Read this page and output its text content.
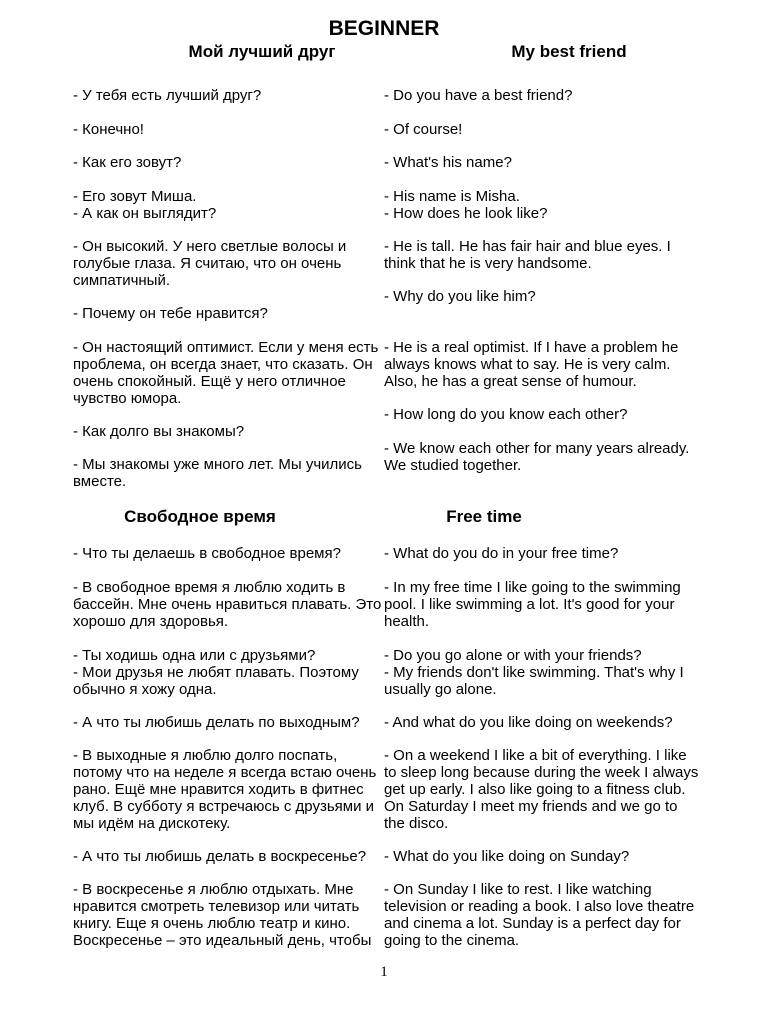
BEGINNER
Мой лучший друг	My best friend

- У тебя есть лучший друг?

- Конечно!

- Как его зовут?

- Его зовут Миша.
- А как он выглядит?

- Он высокий. У него светлые волосы и голубые глаза. Я считаю, что он очень симпатичный.

- Почему он тебе нравится?

- Он настоящий оптимист. Если у меня есть проблема, он всегда знает, что сказать. Он очень спокойный. Ещё у него отличное чувство юмора.

- Как долго вы знакомы?

- Мы знакомы уже много лет. Мы учились вместе.

- Do you have a best friend?

- Of course!

- What's his name?

- His name is Misha.
- How does he look like?

- He is tall. He has fair hair and blue eyes. I think that he is very handsome.

- Why do you like him?

- He is a real optimist. If I have a problem he always knows what to say. He is very calm. Also, he has a great sense of humour.

- How long do you know each other?

- We know each other for many years already. We studied together.

Свободное время	Free time

- Что ты делаешь в свободное время?

- В свободное время я люблю ходить в бассейн. Мне очень нравиться плавать. Это хорошо для здоровья.

- Ты ходишь одна или с друзьями?
- Мои друзья не любят плавать. Поэтому обычно я хожу одна.

- А что ты любишь делать по выходным?

- В выходные я люблю долго поспать, потому что на неделе я всегда встаю очень рано. Ещё мне нравится ходить в фитнес клуб. В субботу я встречаюсь с друзьями и мы идём на дискотеку.

- А что ты любишь делать в воскресенье?

- В воскресенье я люблю отдыхать. Мне нравится смотреть телевизор или читать книгу. Еще я очень люблю театр и кино. Воскресенье – это идеальный день, чтобы

- What do you do in your free time?

- In my free time I like going to the swimming pool. I like swimming a lot. It's good for your health.

- Do you go alone or with your friends?
- My friends don't like swimming. That's why I usually go alone.

- And what do you like doing on weekends?

- On a weekend I like a bit of everything. I like to sleep long because during the week I always get up early. I also like going to a fitness club. On Saturday I meet my friends and we go to the disco.

- What do you like doing on Sunday?

- On Sunday I like to rest. I like watching television or reading a book. I also love theatre and cinema a lot. Sunday is a perfect day for going to the cinema.

1
